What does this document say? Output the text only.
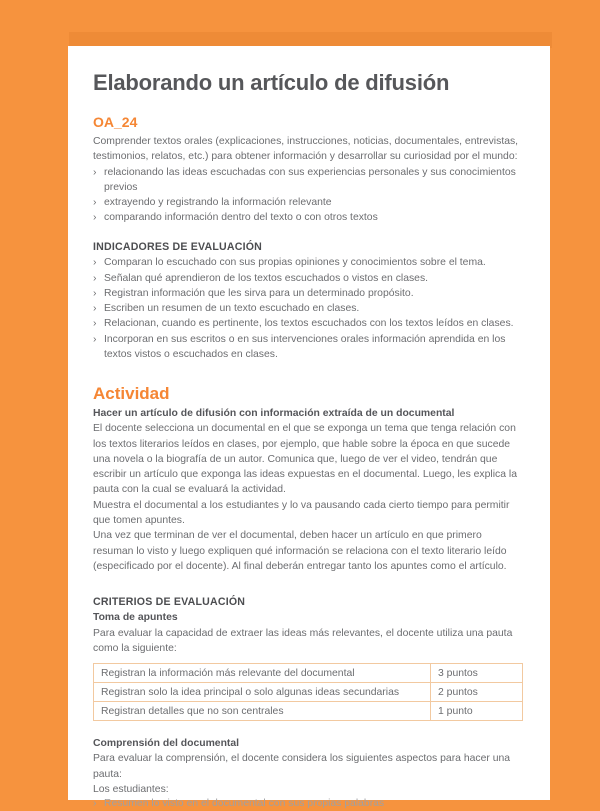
Elaborando un artículo de difusión
OA_24

Comprender textos orales (explicaciones, instrucciones, noticias, documentales, entrevistas, testimonios, relatos, etc.) para obtener información y desarrollar su curiosidad por el mundo:

› relacionando las ideas escuchadas con sus experiencias personales y sus conocimientos previos
› extrayendo y registrando la información relevante
› comparando información dentro del texto o con otros textos
INDICADORES DE EVALUACIÓN
› Comparan lo escuchado con sus propias opiniones y conocimientos sobre el tema.
› Señalan qué aprendieron de los textos escuchados o vistos en clases.
› Registran información que les sirva para un determinado propósito.
› Escriben un resumen de un texto escuchado en clases.
› Relacionan, cuando es pertinente, los textos escuchados con los textos leídos en clases.
› Incorporan en sus escritos o en sus intervenciones orales información aprendida en los textos vistos o escuchados en clases.
Actividad
Hacer un artículo de difusión con información extraída de un documental

El docente selecciona un documental en el que se exponga un tema que tenga relación con los textos literarios leídos en clases, por ejemplo, que hable sobre la época en que sucede una novela o la biografía de un autor. Comunica que, luego de ver el video, tendrán que escribir un artículo que exponga las ideas expuestas en el documental. Luego, les explica la pauta con la cual se evaluará la actividad.

Muestra el documental a los estudiantes y lo va pausando cada cierto tiempo para permitir que tomen apuntes.

Una vez que terminan de ver el documental, deben hacer un artículo en que primero resuman lo visto y luego expliquen qué información se relaciona con el texto literario leído (especificado por el docente). Al final deberán entregar tanto los apuntes como el artículo.

CRITERIOS DE EVALUACIÓN
Toma de apuntes

Para evaluar la capacidad de extraer las ideas más relevantes, el docente utiliza una pauta como la siguiente:

Registran la información más relevante del documental	3 puntos
Registran solo la idea principal o solo algunas ideas secundarias	2 puntos
Registran detalles que no son centrales	1 punto
Comprensión del documental

Para evaluar la comprensión, el docente considera los siguientes aspectos para hacer una pauta:

Los estudiantes:

› Resumen lo visto en el documental con sus propias palabras
